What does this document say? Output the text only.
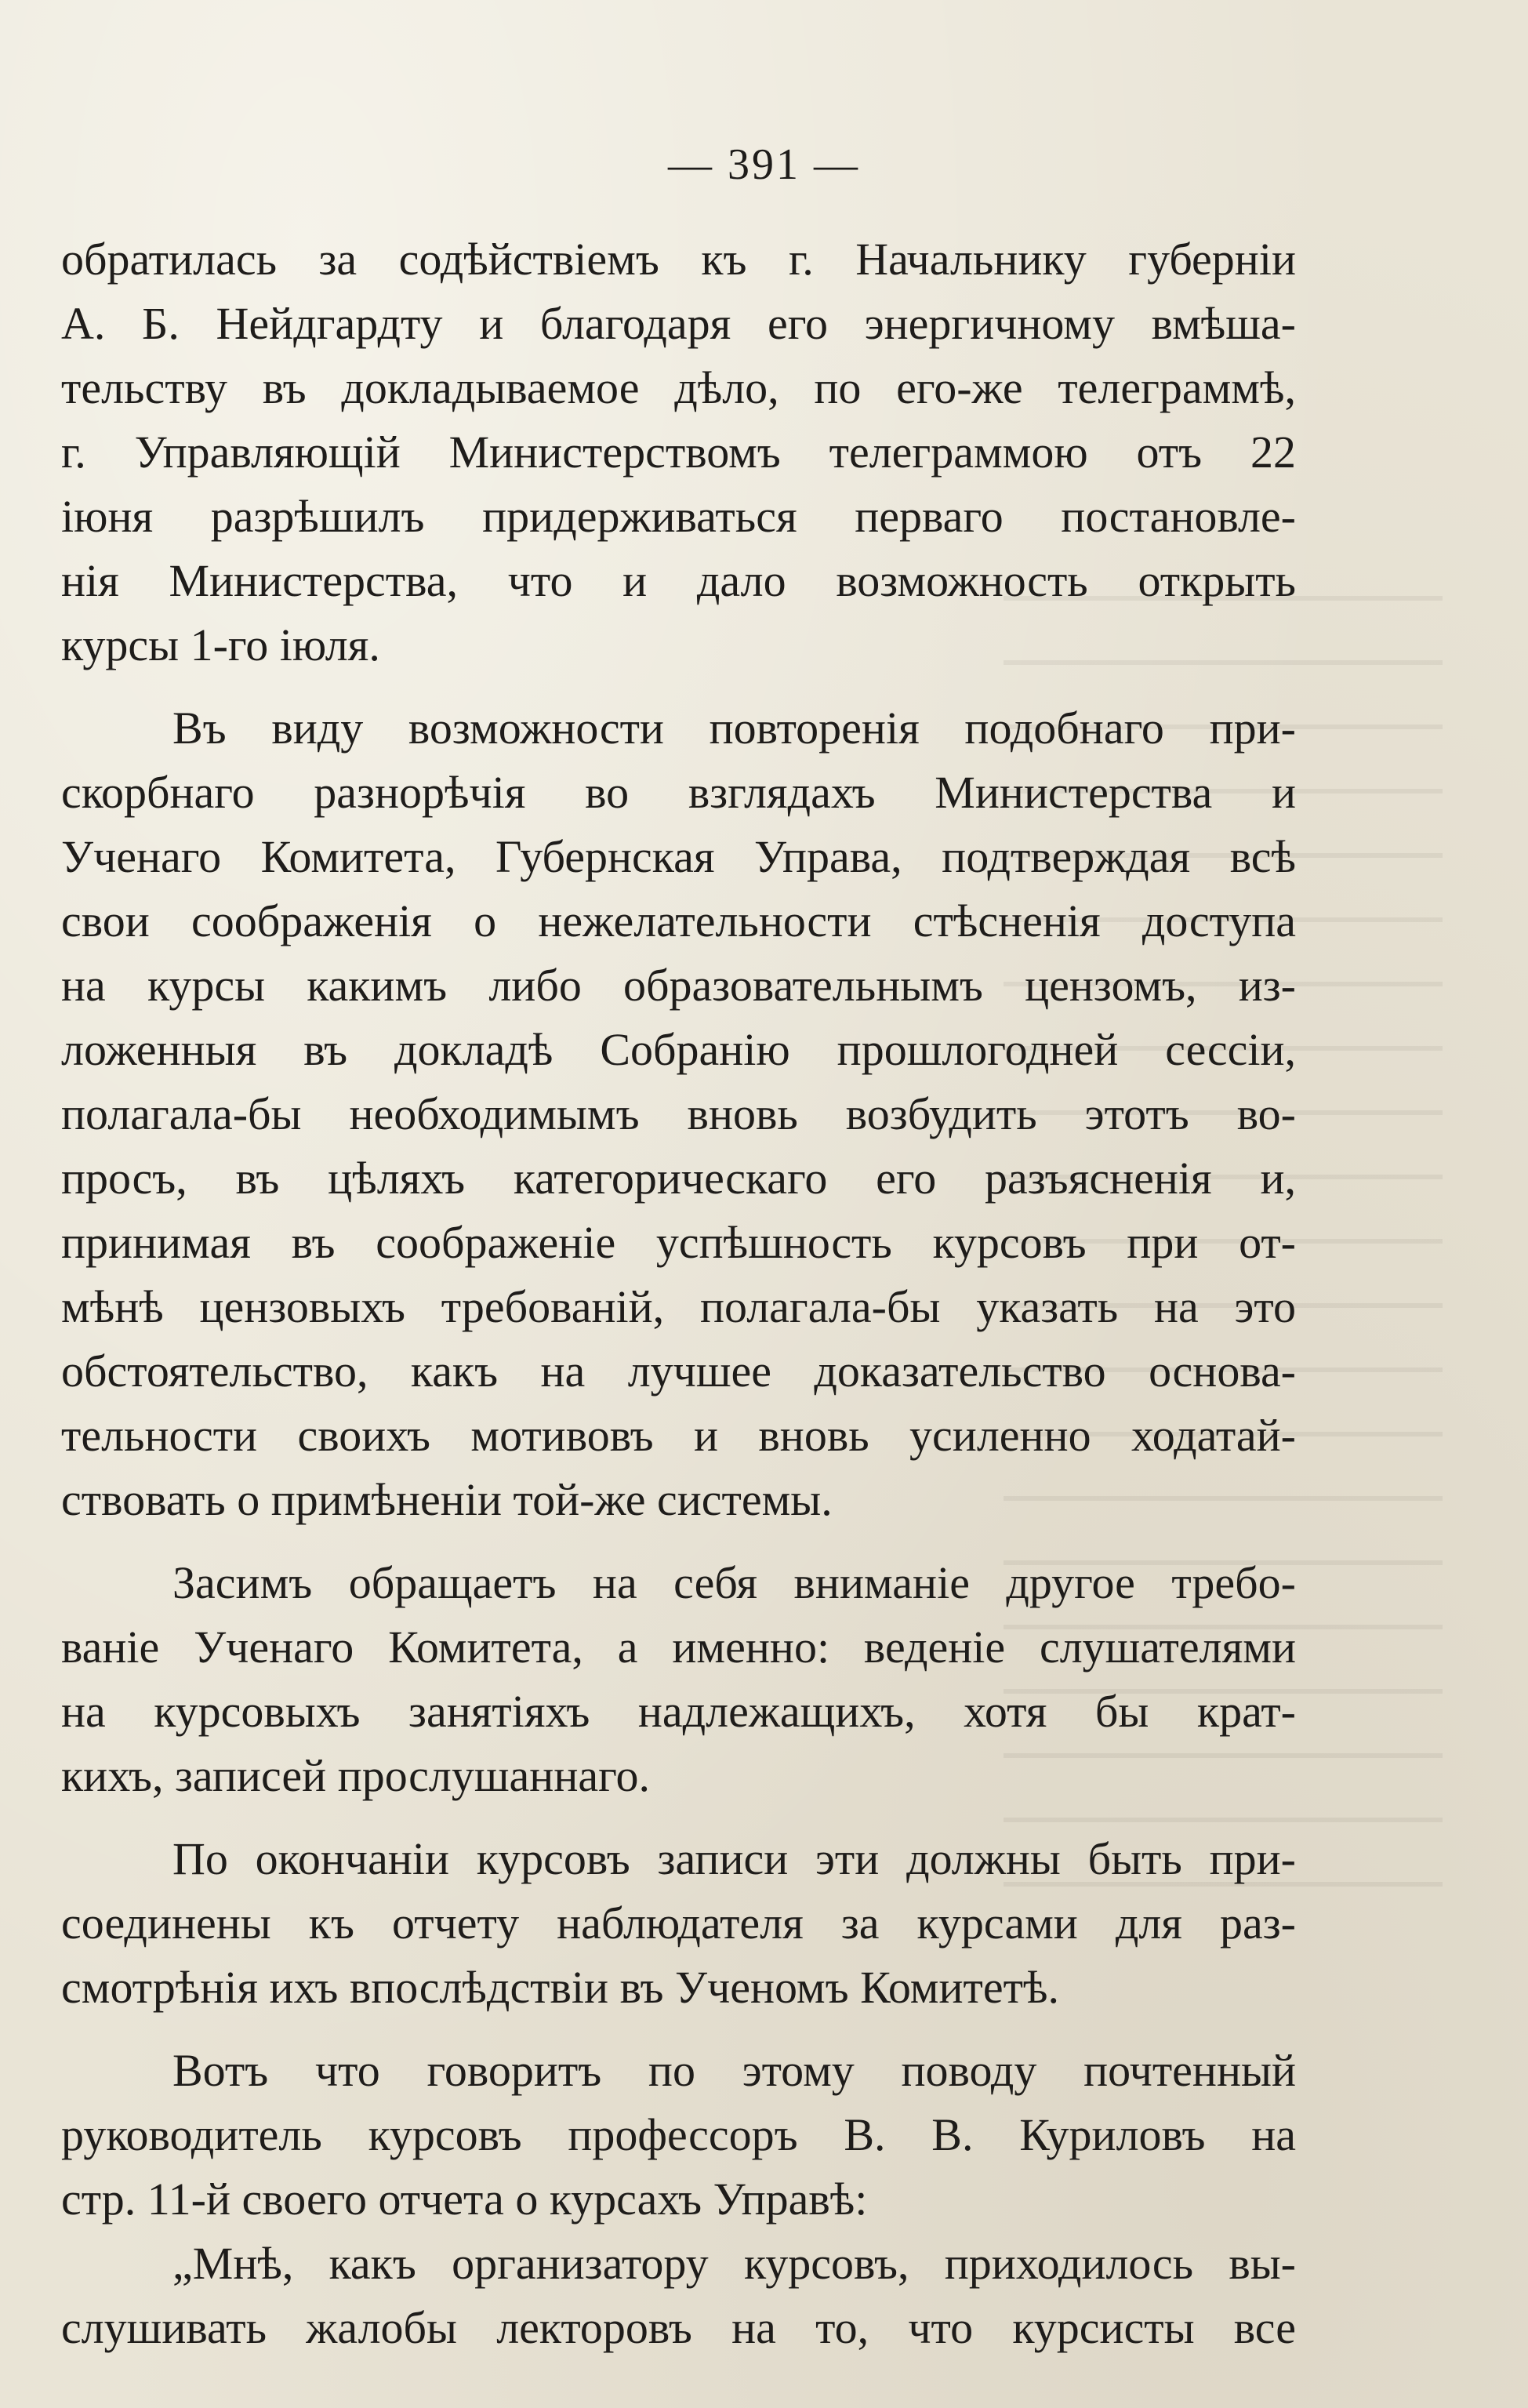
— 391 —
обратилась за содѣйствіемъ къ г. Начальнику губерніи
А. Б. Нейдгардту и благодаря его энергичному вмѣша-
тельству въ докладываемое дѣло, по его-же телеграммѣ,
г. Управляющій Министерствомъ телеграммою отъ 22
іюня разрѣшилъ придерживаться перваго постановле-
нія Министерства, что и дало возможность открыть
курсы 1-го іюля.
Въ виду возможности повторенія подобнаго при-
скорбнаго разнорѣчія во взглядахъ Министерства и
Ученаго Комитета, Губернская Управа, подтверждая всѣ
свои соображенія о нежелательности стѣсненія доступа
на курсы какимъ либо образовательнымъ цензомъ, из-
ложенныя въ докладѣ Собранію прошлогодней сессіи,
полагала-бы необходимымъ вновь возбудить этотъ во-
просъ, въ цѣляхъ категорическаго его разъясненія и,
принимая въ соображеніе успѣшность курсовъ при от-
мѣнѣ цензовыхъ требованій, полагала-бы указать на это
обстоятельство, какъ на лучшее доказательство основа-
тельности своихъ мотивовъ и вновь усиленно ходатай-
ствовать о примѣненіи той-же системы.
Засимъ обращаетъ на себя вниманіе другое требо-
ваніе Ученаго Комитета, а именно: веденіе слушателями
на курсовыхъ занятіяхъ надлежащихъ, хотя бы крат-
кихъ, записей прослушаннаго.
По окончаніи курсовъ записи эти должны быть при-
соединены къ отчету наблюдателя за курсами для раз-
смотрѣнія ихъ впослѣдствіи въ Ученомъ Комитетѣ.
Вотъ что говоритъ по этому поводу почтенный
руководитель курсовъ профессоръ В. В. Куриловъ на
стр. 11-й своего отчета о курсахъ Управѣ:
„Мнѣ, какъ организатору курсовъ, приходилось вы-
слушивать жалобы лекторовъ на то, что курсисты все
